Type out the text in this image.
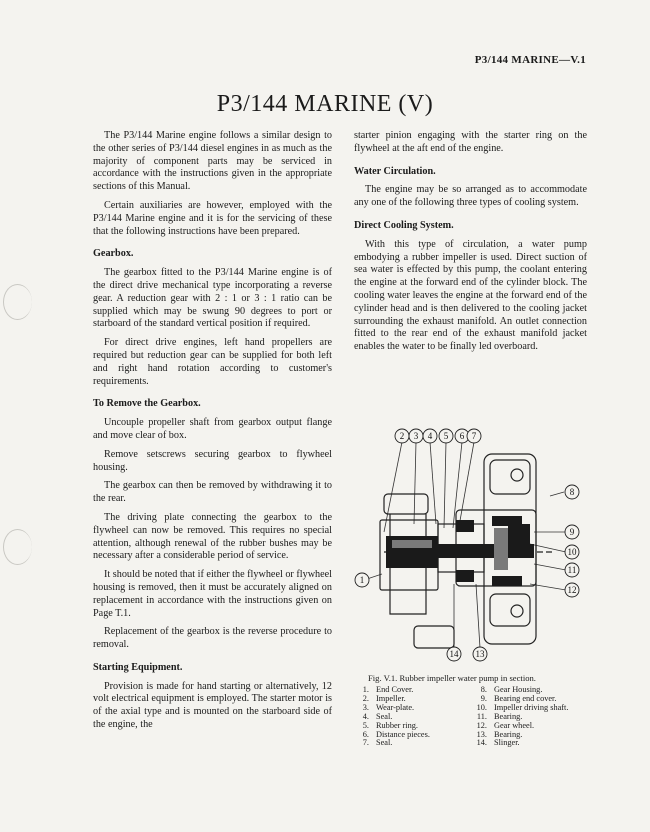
P3/144 MARINE—V.1
P3/144 MARINE (V)

The P3/144 Marine engine follows a similar design to the other series of P3/144 diesel engines in as much as the majority of component parts may be serviced in accordance with the instructions given in the appropriate sections of this Manual.

Certain auxiliaries are however, employed with the P3/144 Marine engine and it is for the servicing of these that the following instructions have been prepared.

Gearbox.

The gearbox fitted to the P3/144 Marine engine is of the direct drive mechanical type incorporating a reverse gear. A reduction gear with 2 : 1 or 3 : 1 ratio can be supplied which may be swung 90 degrees to port or starboard of the standard vertical position if required.

For direct drive engines, left hand propellers are required but reduction gear can be supplied for both left and right hand rotation according to customer's requirements.

To Remove the Gearbox.

Uncouple propeller shaft from gearbox output flange and move clear of box.

Remove setscrews securing gearbox to flywheel housing.

The gearbox can then be removed by withdrawing it to the rear.

The driving plate connecting the gearbox to the flywheel can now be removed. This requires no special attention, although renewal of the rubber bushes may be necessary after a considerable period of service.

It should be noted that if either the flywheel or flywheel housing is removed, then it must be accurately aligned on replacement in accordance with the instructions given on Page T.1.

Replacement of the gearbox is the reverse procedure to removal.

Starting Equipment.

Provision is made for hand starting or alternatively, 12 volt electrical equipment is employed. The starter motor is of the axial type and is mounted on the starboard side of the engine, the

starter pinion engaging with the starter ring on the flywheel at the aft end of the engine.

Water Circulation.

The engine may be so arranged as to accommodate any one of the following three types of cooling system.

Direct Cooling System.

With this type of circulation, a water pump embodying a rubber impeller is used. Direct suction of sea water is effected by this pump, the coolant entering the engine at the forward end of the cylinder block. The cooling water leaves the engine at the forward end of the cylinder head and is then delivered to the cooling jacket surrounding the exhaust manifold. An outlet connection fitted to the rear end of the exhaust manifold jacket enables the water to be finally led overboard.

1
2 3 4 5 6 7
8
9
10
11
12
13
14
Fig. V.1. Rubber impeller water pump in section.
1. End Cover.
2. Impeller.
3. Wear-plate.
4. Seal.
5. Rubber ring.
6. Distance pieces.
7. Seal.
8. Gear Housing.
9. Bearing end cover.
10. Impeller driving shaft.
11. Bearing.
12. Gear wheel.
13. Bearing.
14. Slinger.
